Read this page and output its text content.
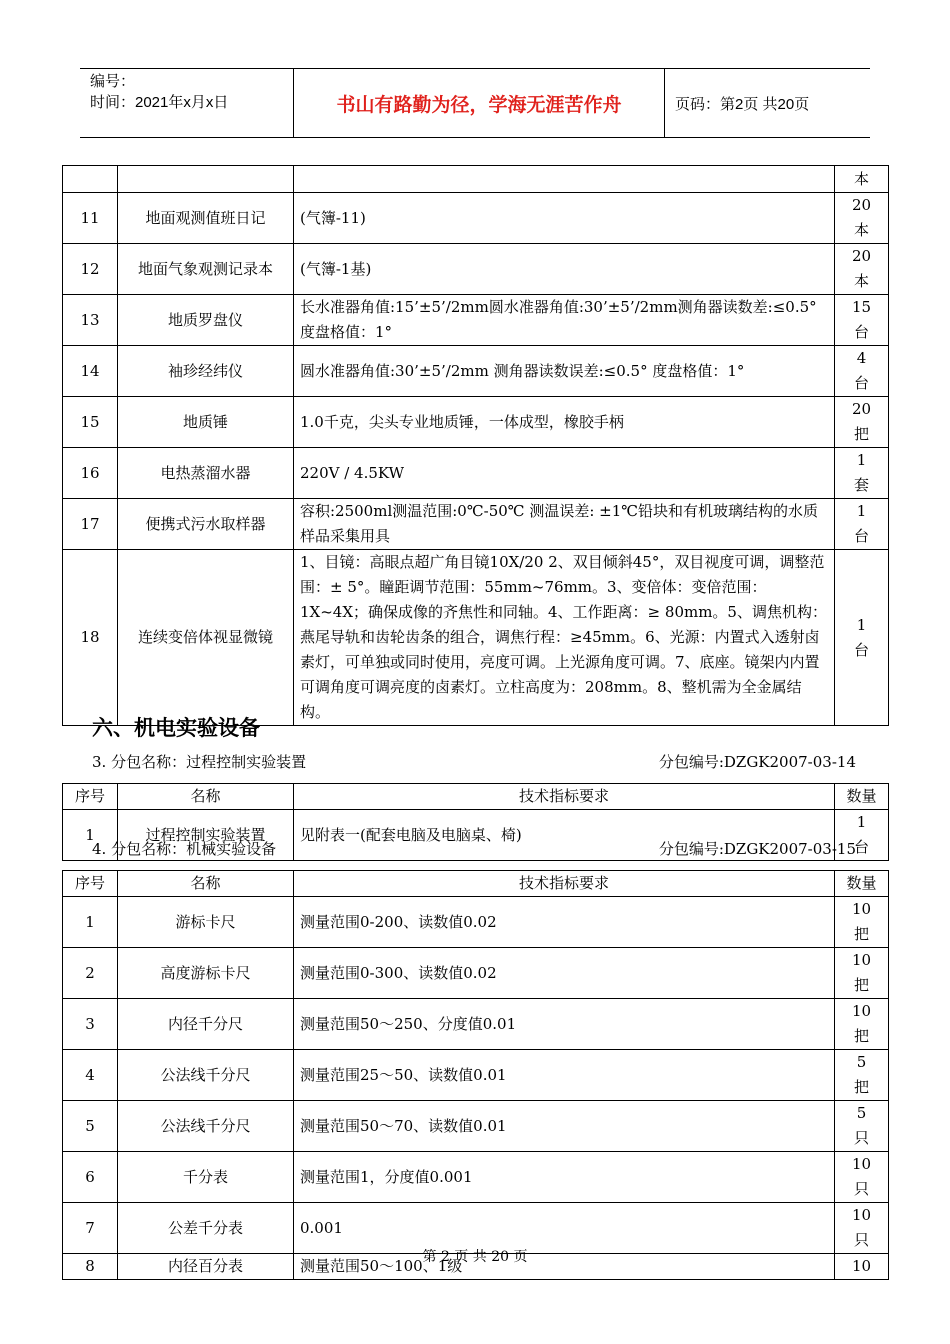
编号：
时间：2021年x月x日	书山有路勤为径，学海无涯苦作舟	页码：第2页 共20页
			本
11	地面观测值班日记	(气簿-11)	20本
12	地面气象观测记录本	(气簿-1基)	20本
13	地质罗盘仪	长水准器角值:15’±5’/2mm圆水准器角值:30’±5’/2mm测角器读数差:≤0.5° 度盘格值：1°	15台
14	袖珍经纬仪	圆水准器角值:30’±5’/2mm 测角器读数误差:≤0.5° 度盘格值：1°	4台
15	地质锤	1.0千克，尖头专业地质锤，一体成型，橡胶手柄	20把
16	电热蒸溜水器	220V / 4.5KW	1套
17	便携式污水取样器	容积:2500ml测温范围:0℃-50℃ 测温误差: ±1℃铅块和有机玻璃结构的水质样品采集用具	1台
18	连续变倍体视显微镜	1、目镜：高眼点超广角目镜10X/20 2、双目倾斜45°，双目视度可调，调整范围：± 5°。瞳距调节范围：55mm~76mm。3、变倍体：变倍范围：1X~4X；确保成像的齐焦性和同轴。4、工作距离：≥ 80mm。5、调焦机构：燕尾导轨和齿轮齿条的组合，调焦行程：≥45mm。6、光源：内置式入透射卤素灯，可单独或同时使用，亮度可调。上光源角度可调。7、底座。镜架内内置可调角度可调亮度的卤素灯。立柱高度为：208mm。8、整机需为全金属结构。	1台
六、机电实验设备
3. 分包名称：过程控制实验装置	分包编号:DZGK2007-03-14
序号	名称	技术指标要求	数量
1	过程控制实验装置	见附表一(配套电脑及电脑桌、椅)	1台
4. 分包名称：机械实验设备	分包编号:DZGK2007-03-15
序号	名称	技术指标要求	数量
1	游标卡尺	测量范围0-200、读数值0.02	10把
2	高度游标卡尺	测量范围0-300、读数值0.02	10把
3	内径千分尺	测量范围50～250、分度值0.01	10把
4	公法线千分尺	测量范围25～50、读数值0.01	5把
5	公法线千分尺	测量范围50～70、读数值0.01	5只
6	千分表	测量范围1，分度值0.001	10只
7	公差千分表	0.001	10只
8	内径百分表	测量范围50～100、1级	10
第 2 页 共 20 页
